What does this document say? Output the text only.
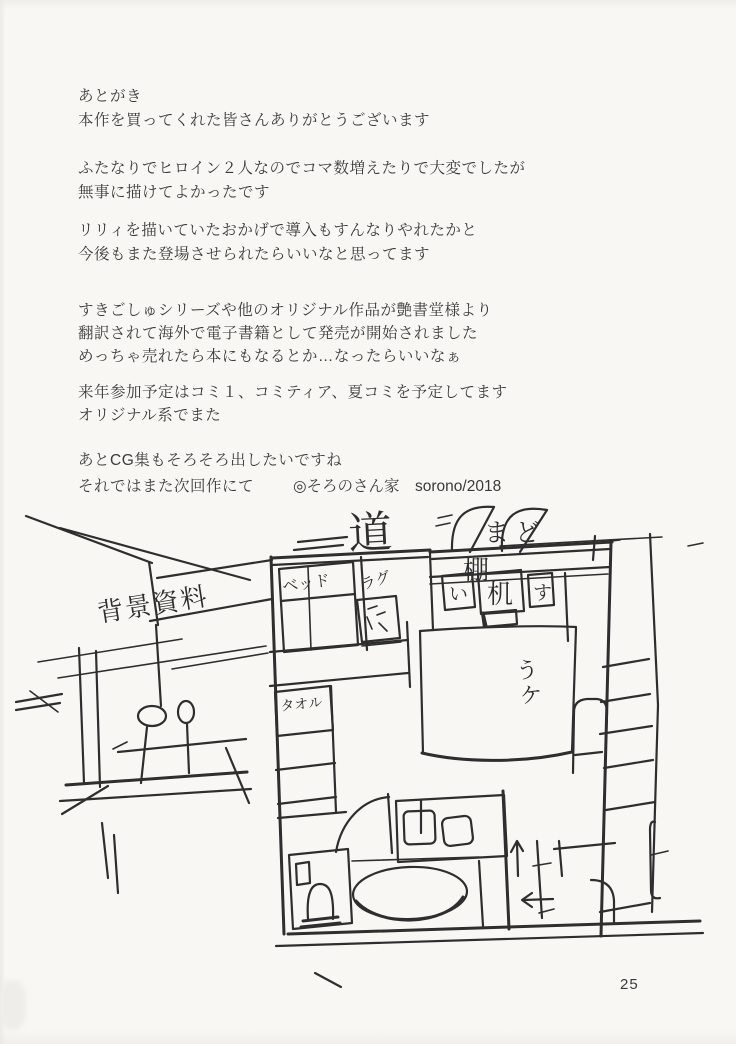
あとがき
本作を買ってくれた皆さんありがとうございます
ふたなりでヒロイン２人なのでコマ数増えたりで大変でしたが
無事に描けてよかったです
リリィを描いていたおかげで導入もすんなりやれたかと
今後もまた登場させられたらいいなと思ってます
すきごしゅシリーズや他のオリジナル作品が艶書堂様より
翻訳されて海外で電子書籍として発売が開始されました
めっちゃ売れたら本にもなるとか…なったらいいなぁ
来年参加予定はコミ１、コミティア、夏コミを予定してます
オリジナル系でまた
あとCG集もそろそろ出したいですね
それではまた次回作にて	◎そろのさん家　sorono/2018
背景資料
道	まど
棚
い 机 す
ベッド ラグ
う
ケ
タオル
25
